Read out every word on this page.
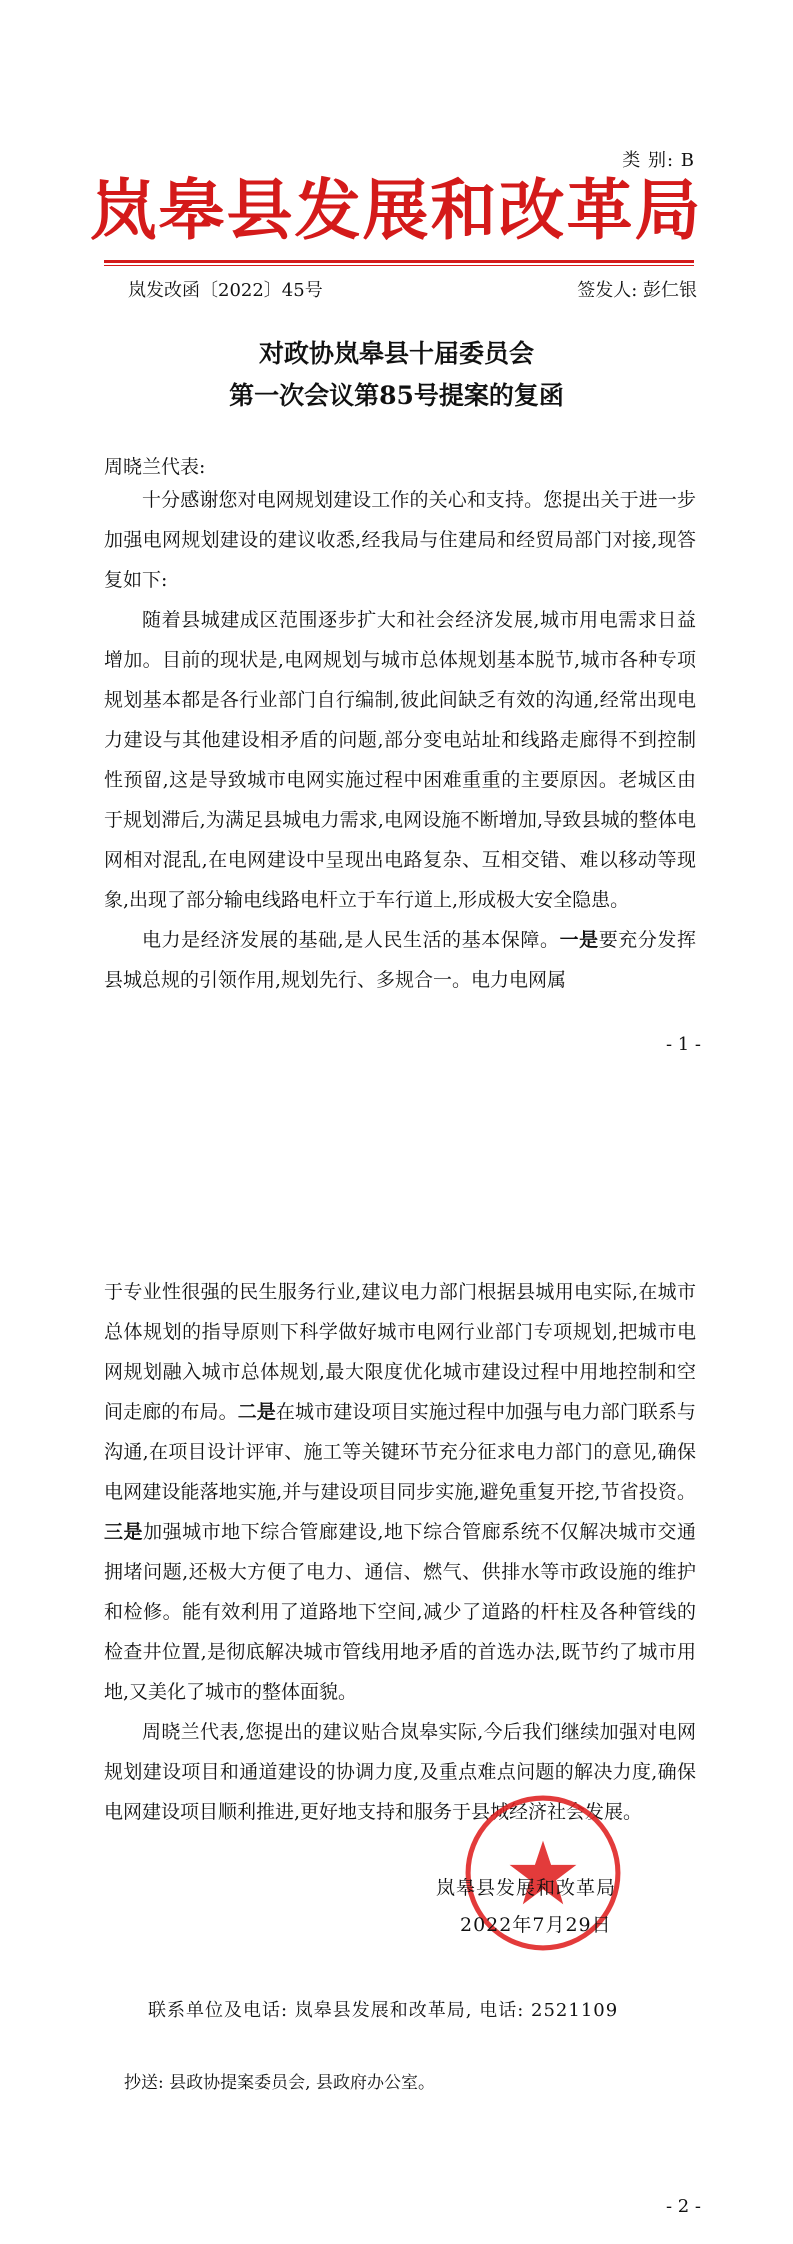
类 别: B
岚皋县发展和改革局
岚发改函〔2022〕45号	签发人: 彭仁银
对政协岚皋县十届委员会
第一次会议第85号提案的复函
周晓兰代表:

十分感谢您对电网规划建设工作的关心和支持。您提出关于进一步加强电网规划建设的建议收悉,经我局与住建局和经贸局部门对接,现答复如下:

随着县城建成区范围逐步扩大和社会经济发展,城市用电需求日益增加。目前的现状是,电网规划与城市总体规划基本脱节,城市各种专项规划基本都是各行业部门自行编制,彼此间缺乏有效的沟通,经常出现电力建设与其他建设相矛盾的问题,部分变电站址和线路走廊得不到控制性预留,这是导致城市电网实施过程中困难重重的主要原因。老城区由于规划滞后,为满足县城电力需求,电网设施不断增加,导致县城的整体电网相对混乱,在电网建设中呈现出电路复杂、互相交错、难以移动等现象,出现了部分输电线路电杆立于车行道上,形成极大安全隐患。

电力是经济发展的基础,是人民生活的基本保障。一是要充分发挥县城总规的引领作用,规划先行、多规合一。电力电网属

- 1 -

于专业性很强的民生服务行业,建议电力部门根据县城用电实际,在城市总体规划的指导原则下科学做好城市电网行业部门专项规划,把城市电网规划融入城市总体规划,最大限度优化城市建设过程中用地控制和空间走廊的布局。二是在城市建设项目实施过程中加强与电力部门联系与沟通,在项目设计评审、施工等关键环节充分征求电力部门的意见,确保电网建设能落地实施,并与建设项目同步实施,避免重复开挖,节省投资。三是加强城市地下综合管廊建设,地下综合管廊系统不仅解决城市交通拥堵问题,还极大方便了电力、通信、燃气、供排水等市政设施的维护和检修。能有效利用了道路地下空间,减少了道路的杆柱及各种管线的检查井位置,是彻底解决城市管线用地矛盾的首选办法,既节约了城市用地,又美化了城市的整体面貌。

周晓兰代表,您提出的建议贴合岚皋实际,今后我们继续加强对电网规划建设项目和通道建设的协调力度,及重点难点问题的解决力度,确保电网建设项目顺利推进,更好地支持和服务于县城经济社会发展。

岚皋县发展和改革局
2022年7月29日
联系单位及电话: 岚皋县发展和改革局, 电话: 2521109
抄送: 县政协提案委员会, 县政府办公室。
- 2 -
